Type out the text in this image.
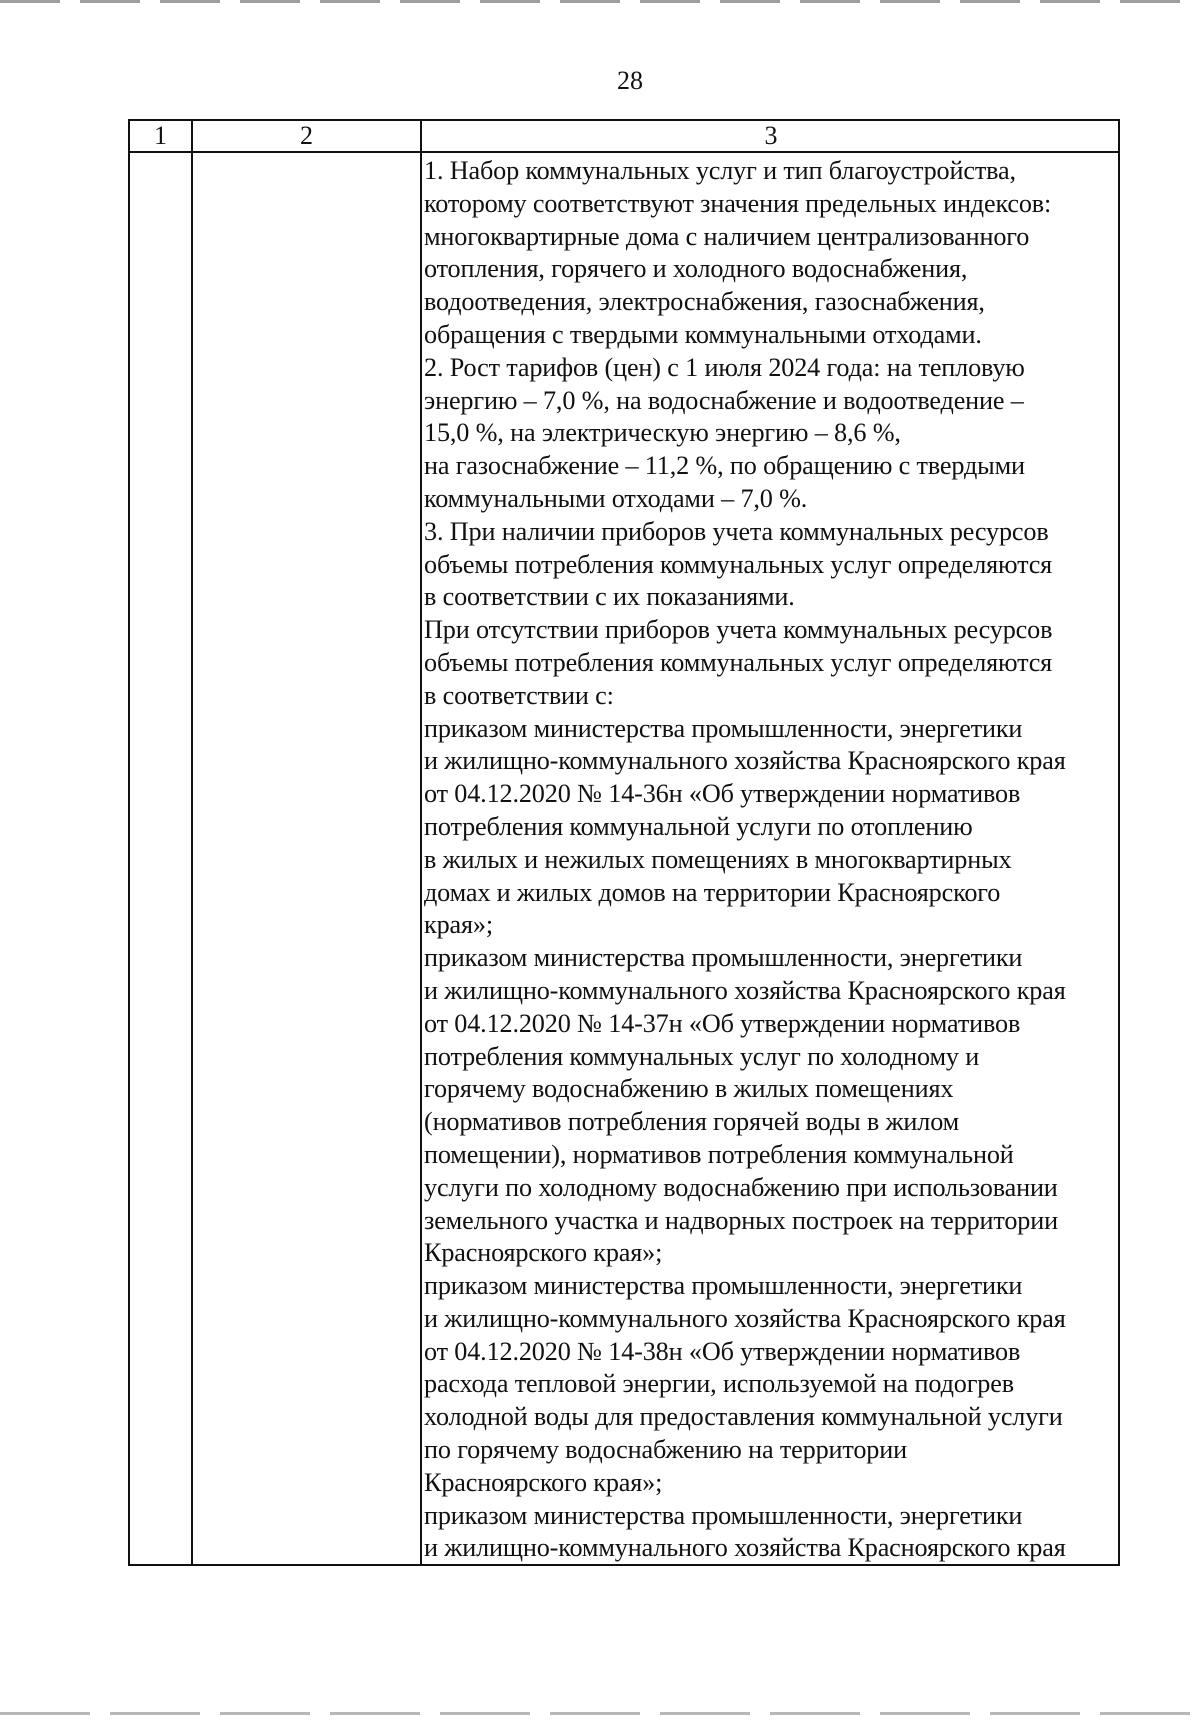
28
1	2	3
1. Набор коммунальных услуг и тип благоустройства,
которому соответствуют значения предельных индексов:
многоквартирные дома с наличием централизованного
отопления, горячего и холодного водоснабжения,
водоотведения, электроснабжения, газоснабжения,
обращения с твердыми коммунальными отходами.
2. Рост тарифов (цен) с 1 июля 2024 года: на тепловую
энергию – 7,0 %, на водоснабжение и водоотведение –
15,0 %, на электрическую энергию – 8,6 %,
на газоснабжение – 11,2 %, по обращению с твердыми
коммунальными отходами – 7,0 %.
3. При наличии приборов учета коммунальных ресурсов
объемы потребления коммунальных услуг определяются
в соответствии с их показаниями.
При отсутствии приборов учета коммунальных ресурсов
объемы потребления коммунальных услуг определяются
в соответствии с:
приказом министерства промышленности, энергетики
и жилищно-коммунального хозяйства Красноярского края
от 04.12.2020 № 14-36н «Об утверждении нормативов
потребления коммунальной услуги по отоплению
в жилых и нежилых помещениях в многоквартирных
домах и жилых домов на территории Красноярского
края»;
приказом министерства промышленности, энергетики
и жилищно-коммунального хозяйства Красноярского края
от 04.12.2020 № 14-37н «Об утверждении нормативов
потребления коммунальных услуг по холодному и
горячему водоснабжению в жилых помещениях
(нормативов потребления горячей воды в жилом
помещении), нормативов потребления коммунальной
услуги по холодному водоснабжению при использовании
земельного участка и надворных построек на территории
Красноярского края»;
приказом министерства промышленности, энергетики
и жилищно-коммунального хозяйства Красноярского края
от 04.12.2020 № 14-38н «Об утверждении нормативов
расхода тепловой энергии, используемой на подогрев
холодной воды для предоставления коммунальной услуги
по горячему водоснабжению на территории
Красноярского края»;
приказом министерства промышленности, энергетики
и жилищно-коммунального хозяйства Красноярского края
